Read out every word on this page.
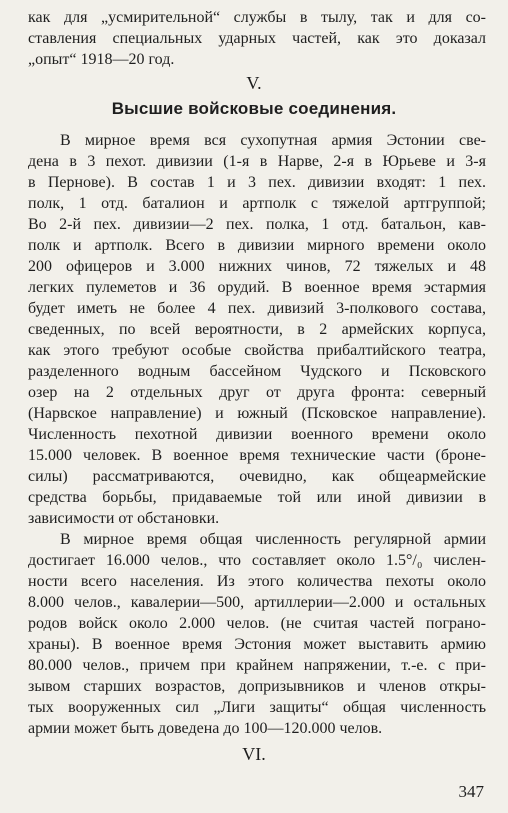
как для „усмирительной“ службы в тылу, так и для со-
ставления специальных ударных частей, как это доказал
„опыт“ 1918—20 год.
V.
Высшие войсковые соединения.
В мирное время вся сухопутная армия Эстонии све-
дена в 3 пехот. дивизии (1-я в Нарве, 2-я в Юрьеве и 3-я
в Пернове). В состав 1 и 3 пех. дивизии входят: 1 пех.
полк, 1 отд. баталион и артполк с тяжелой артгруппой;
Во 2-й пех. дивизии—2 пех. полка, 1 отд. батальон, кав-
полк и артполк. Всего в дивизии мирного времени около
200 офицеров и 3.000 нижних чинов, 72 тяжелых и 48
легких пулеметов и 36 орудий. В военное время эстармия
будет иметь не более 4 пех. дивизий 3-полкового состава,
сведенных, по всей вероятности, в 2 армейских корпуса,
как этого требуют особые свойства прибалтийского театра,
разделенного водным бассейном Чудского и Псковского
озер на 2 отдельных друг от друга фронта: северный
(Нарвское направление) и южный (Псковское направление).
Численность пехотной дивизии военного времени около
15.000 человек. В военное время технические части (броне-
силы) рассматриваются, очевидно, как общеармейские
средства борьбы, придаваемые той или иной дивизии в
зависимости от обстановки.
В мирное время общая численность регулярной армии
достигает 16.000 челов., что составляет около 1.5°/₀ числен-
ности всего населения. Из этого количества пехоты около
8.000 челов., кавалерии—500, артиллерии—2.000 и остальных
родов войск около 2.000 челов. (не считая частей пограно-
храны). В военное время Эстония может выставить армию
80.000 челов., причем при крайнем напряжении, т.-е. с при-
зывом старших возрастов, допризывников и членов откры-
тых вооруженных сил „Лиги защиты“ общая численность
армии может быть доведена до 100—120.000 челов.
VI.
347
